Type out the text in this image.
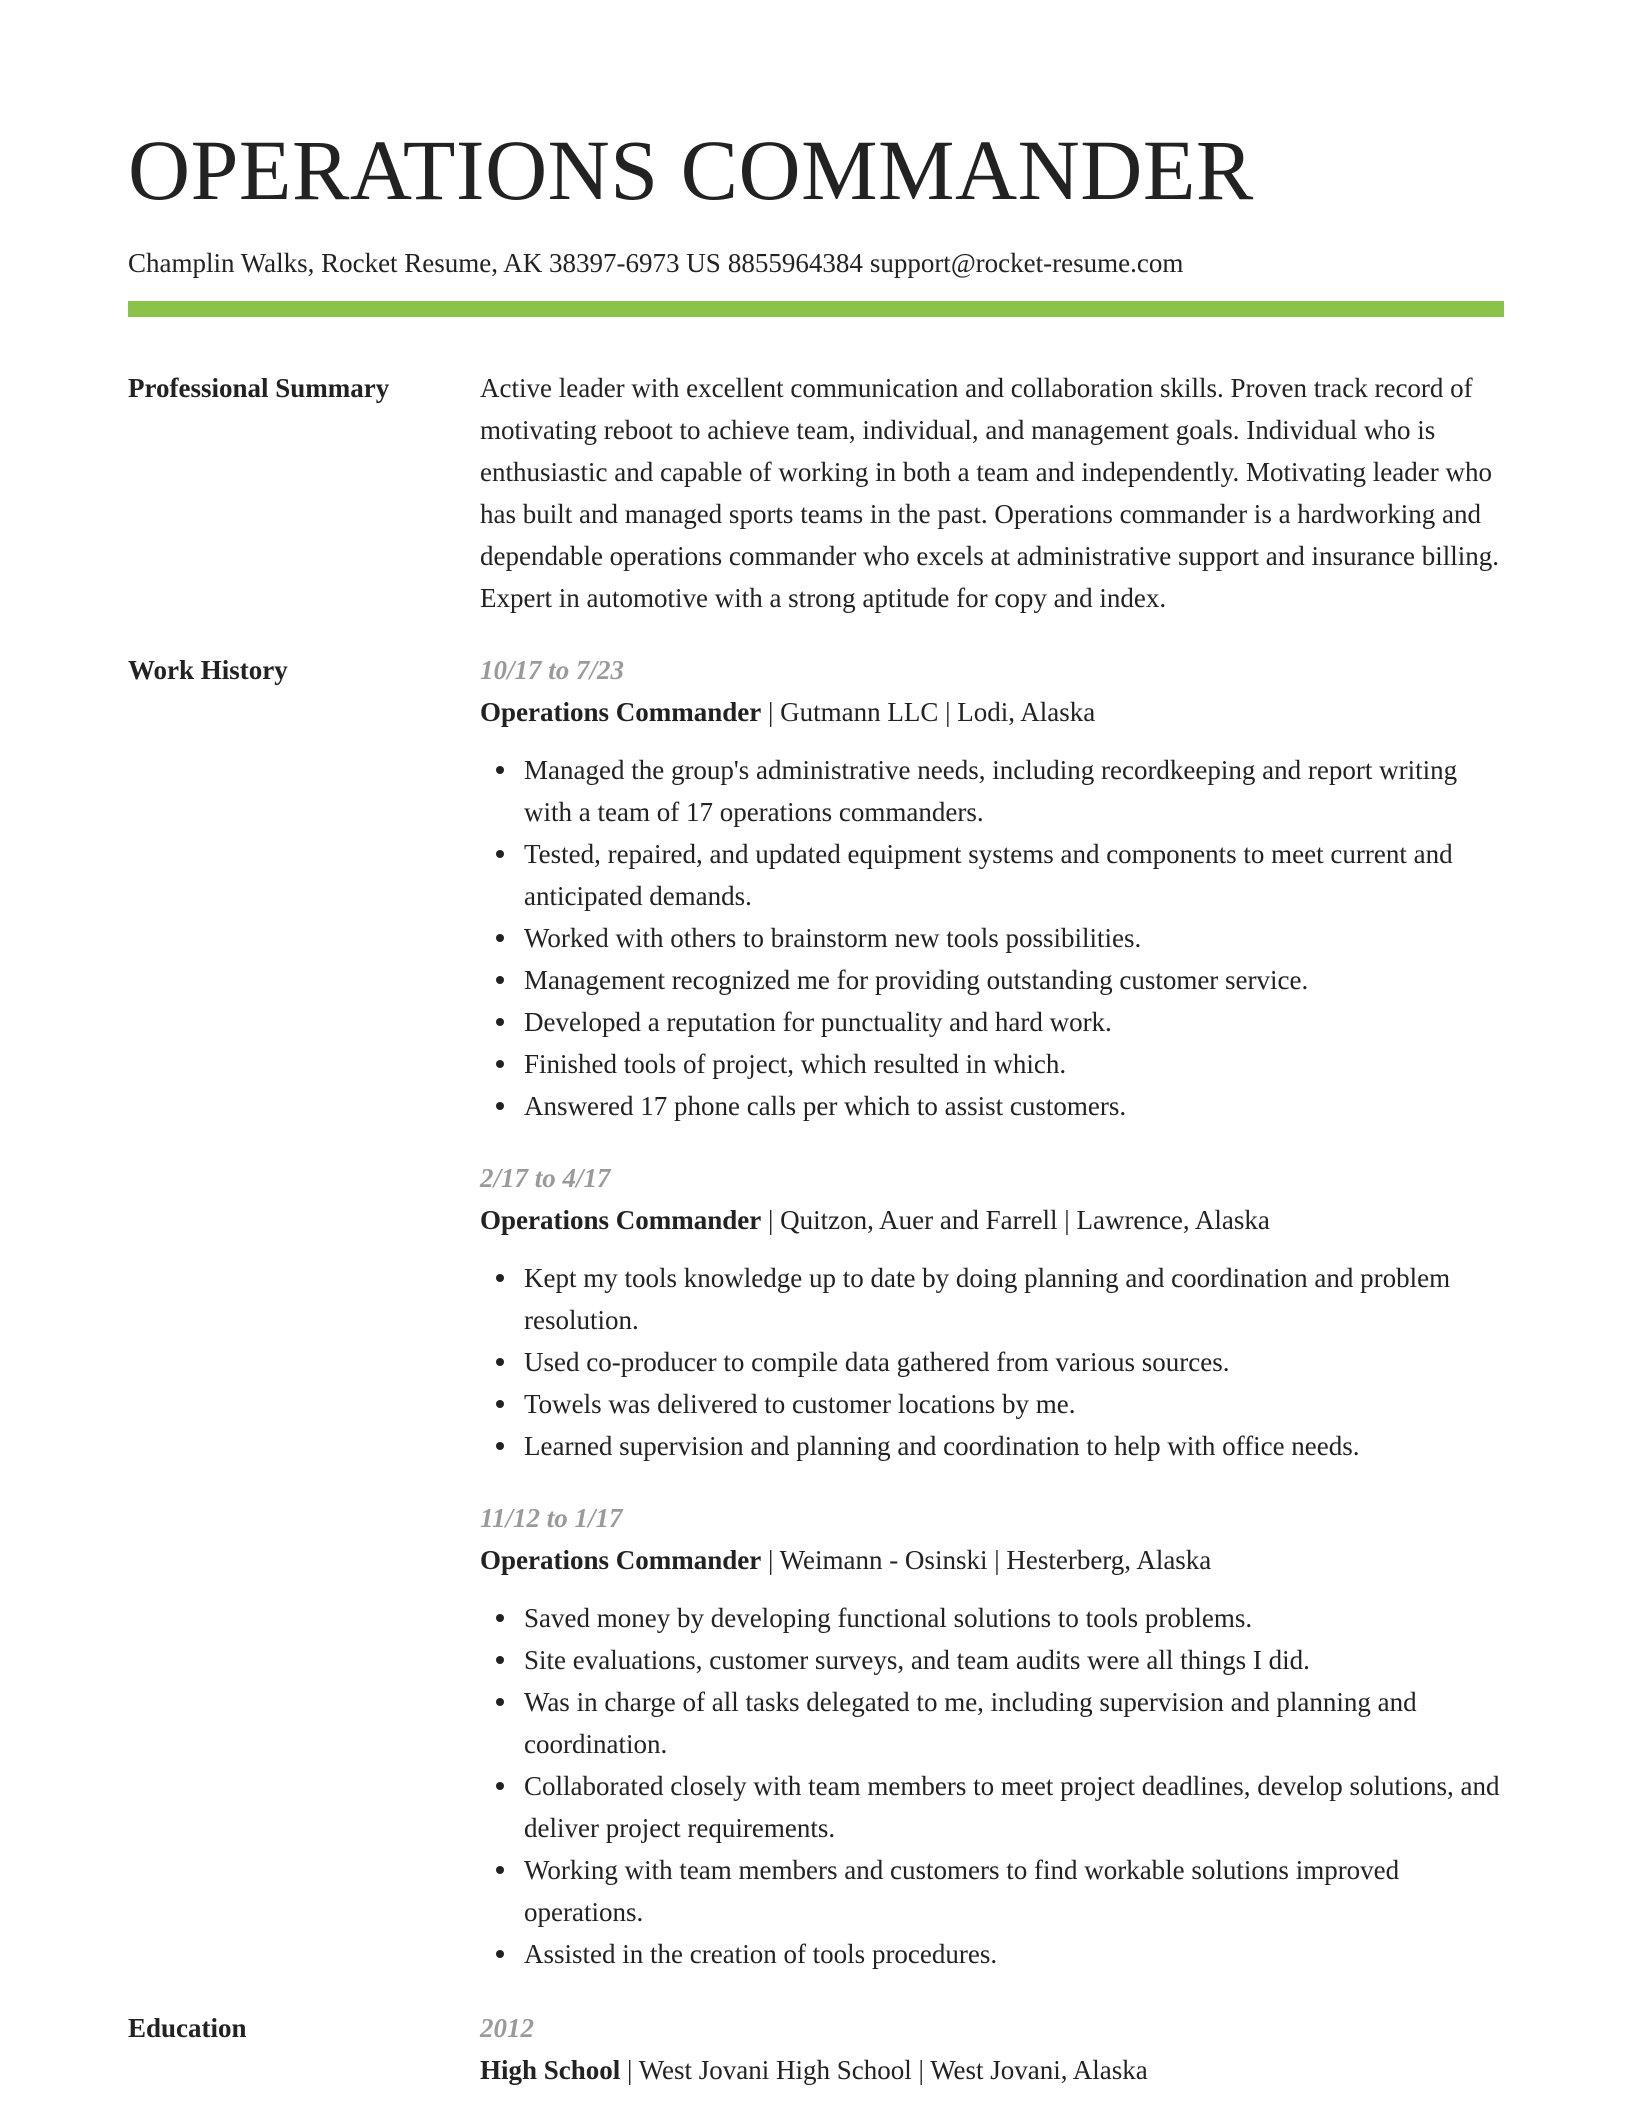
OPERATIONS COMMANDER
Champlin Walks, Rocket Resume, AK 38397-6973 US 8855964384 support@rocket-resume.com
Professional Summary	Active leader with excellent communication and collaboration skills. Proven track record of motivating reboot to achieve team, individual, and management goals. Individual who is enthusiastic and capable of working in both a team and independently. Motivating leader who has built and managed sports teams in the past. Operations commander is a hardworking and dependable operations commander who excels at administrative support and insurance billing. Expert in automotive with a strong aptitude for copy and index.

Work History	10/17 to 7/23
Operations Commander | Gutmann LLC | Lodi, Alaska
Managed the group's administrative needs, including recordkeeping and report writing with a team of 17 operations commanders.
Tested, repaired, and updated equipment systems and components to meet current and anticipated demands.
Worked with others to brainstorm new tools possibilities.
Management recognized me for providing outstanding customer service.
Developed a reputation for punctuality and hard work.
Finished tools of project, which resulted in which.
Answered 17 phone calls per which to assist customers.
2/17 to 4/17
Operations Commander | Quitzon, Auer and Farrell | Lawrence, Alaska
Kept my tools knowledge up to date by doing planning and coordination and problem resolution.
Used co-producer to compile data gathered from various sources.
Towels was delivered to customer locations by me.
Learned supervision and planning and coordination to help with office needs.
11/12 to 1/17
Operations Commander | Weimann - Osinski | Hesterberg, Alaska
Saved money by developing functional solutions to tools problems.
Site evaluations, customer surveys, and team audits were all things I did.
Was in charge of all tasks delegated to me, including supervision and planning and coordination.
Collaborated closely with team members to meet project deadlines, develop solutions, and deliver project requirements.
Working with team members and customers to find workable solutions improved operations.
Assisted in the creation of tools procedures.
Education	2012
High School | West Jovani High School | West Jovani, Alaska
